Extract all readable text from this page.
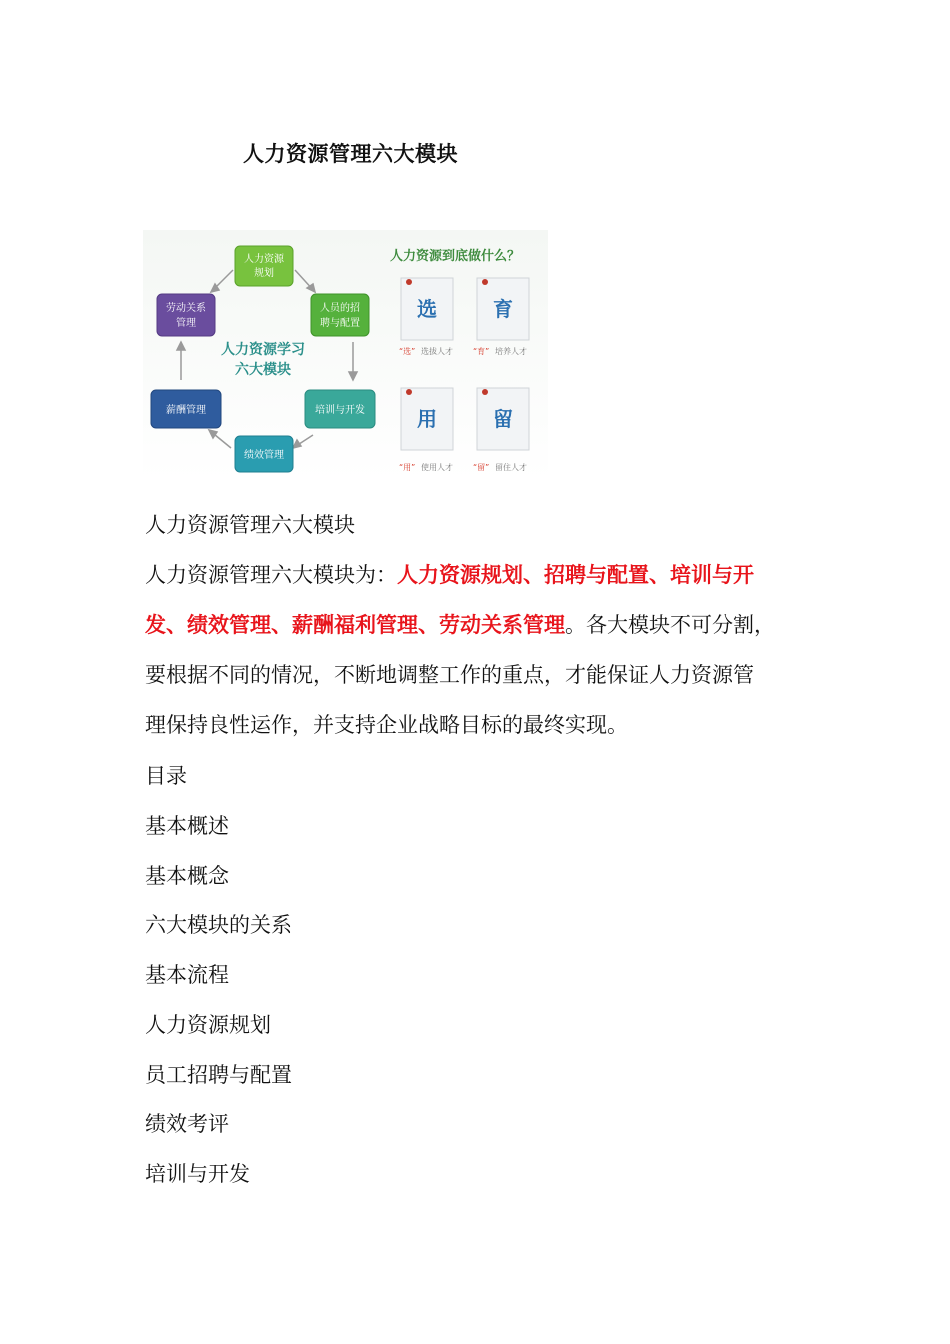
人力资源管理六大模块
人力资源
规划
人员的招
聘与配置
培训与开发
绩效管理
薪酬管理
劳动关系
管理
人力资源学习
六大模块
人力资源到底做什么？
选
“选” 选拔人才
育
“育” 培养人才
用
“用” 使用人才
留
“留” 留住人才
人力资源管理六大模块
人力资源管理六大模块为：人力资源规划、招聘与配置、培训与开
发、绩效管理、薪酬福利管理、劳动关系管理。各大模块不可分割，
要根据不同的情况，不断地调整工作的重点，才能保证人力资源管
理保持良性运作，并支持企业战略目标的最终实现。
目录
基本概述
基本概念
六大模块的关系
基本流程
人力资源规划
员工招聘与配置
绩效考评
培训与开发
